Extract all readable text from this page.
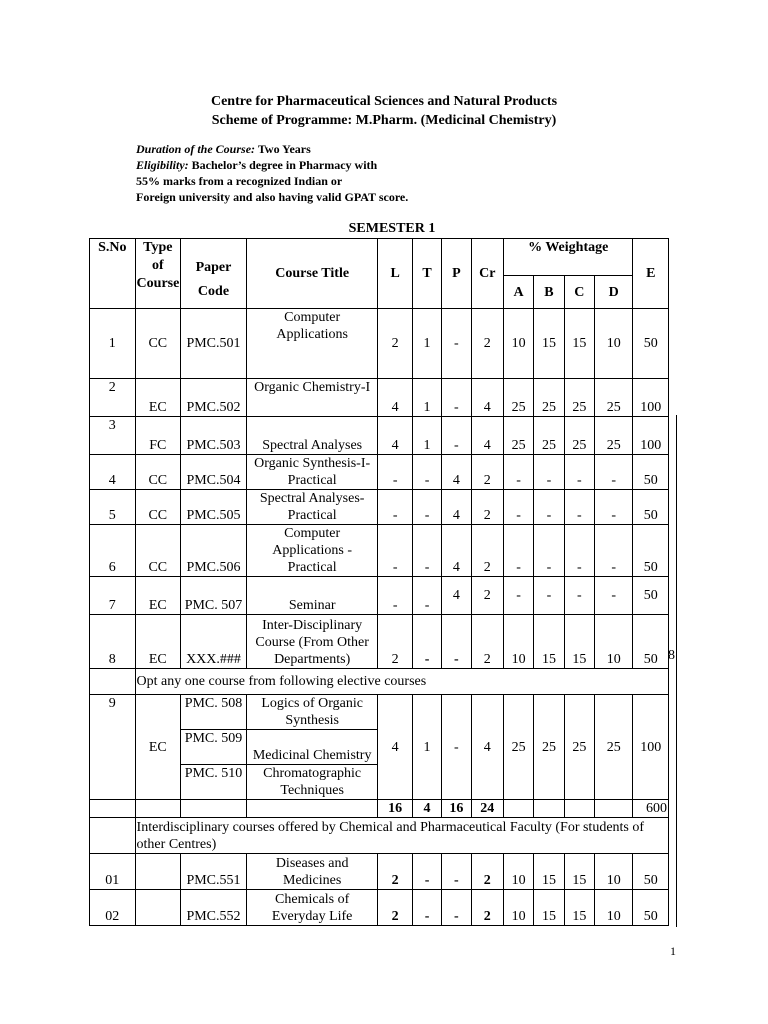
Centre for Pharmaceutical Sciences and Natural Products
Scheme of Programme: M.Pharm. (Medicinal Chemistry)
Duration of the Course: Two Years
Eligibility: Bachelor’s degree in Pharmacy with
55% marks from a recognized Indian or
Foreign university and also having valid GPAT score.
SEMESTER 1
S.No	Type of Course	Paper	Course Title	L	T	P	Cr	% Weightage				E
		Code						A	B	C	D	
1	CC	PMC.501	Computer Applications	2	1	-	2	10	15	15	10	50
2	EC	PMC.502	Organic Chemistry-I	4	1	-	4	25	25	25	25	100
3	FC	PMC.503	Spectral Analyses	4	1	-	4	25	25	25	25	100
4	CC	PMC.504	Organic Synthesis-I-Practical	-	-	4	2	-	-	-	-	50
5	CC	PMC.505	Spectral Analyses-Practical	-	-	4	2	-	-	-	-	50
6	CC	PMC.506	Computer Applications - Practical	-	-	4	2	-	-	-	-	50
7	EC	PMC. 507	Seminar	-	-	4	2	-	-	-	-	50
8	EC	XXX.###	Inter-Disciplinary Course (From Other Departments)	2	-	-	2	10	15	15	10	50
	Opt any one course from following elective courses											
9	EC	PMC. 508	Logics of Organic Synthesis	4	1	-	4	25	25	25	25	100
		PMC. 509	Medicinal Chemistry									
		PMC. 510	Chromatographic Techniques									
				16	4	16	24					600
	Interdisciplinary courses offered by Chemical and Pharmaceutical Faculty (For students of other Centres)											
01		PMC.551	Diseases and Medicines	2	-	-	2	10	15	15	10	50
02		PMC.552	Chemicals of Everyday Life	2	-	-	2	10	15	15	10	50
8
1
